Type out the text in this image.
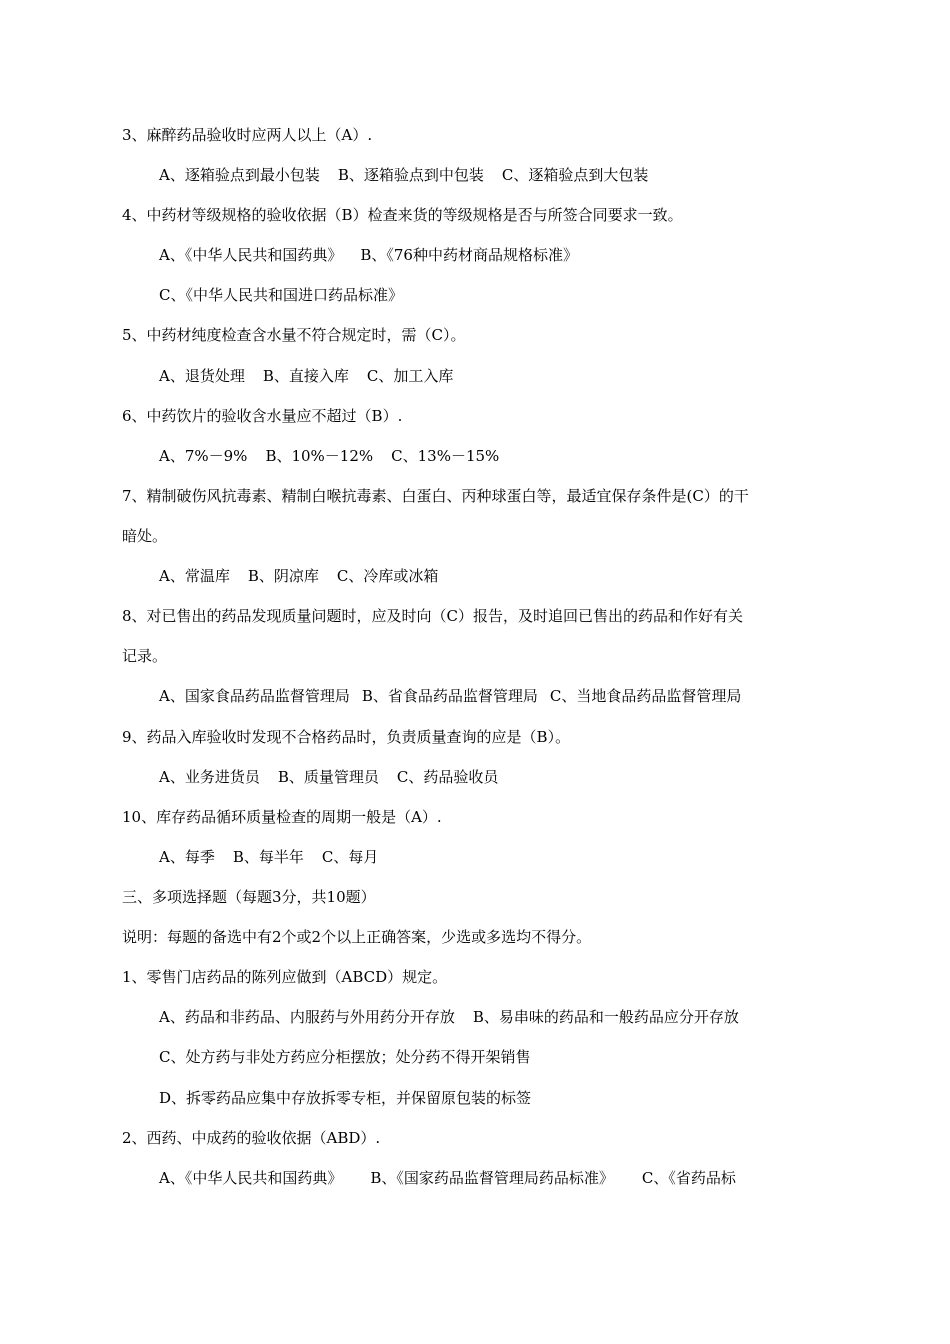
3、麻醉药品验收时应两人以上（A）.
A、逐箱验点到最小包装 B、逐箱验点到中包装 C、逐箱验点到大包装
4、中药材等级规格的验收依据（B）检查来货的等级规格是否与所签合同要求一致。
A、《中华人民共和国药典》 B、《76种中药材商品规格标准》
C、《中华人民共和国进口药品标准》
5、中药材纯度检查含水量不符合规定时，需（C）。
A、退货处理 B、直接入库 C、加工入库
6、中药饮片的验收含水量应不超过（B）.
A、7%－9% B、10%－12% C、13%－15%
7、精制破伤风抗毒素、精制白喉抗毒素、白蛋白、丙种球蛋白等，最适宜保存条件是(C）的干
暗处。
A、常温库 B、阴凉库 C、冷库或冰箱
8、对已售出的药品发现质量问题时，应及时向（C）报告，及时追回已售出的药品和作好有关
记录。
A、国家食品药品监督管理局 B、省食品药品监督管理局 C、当地食品药品监督管理局
9、药品入库验收时发现不合格药品时，负责质量查询的应是（B）。
A、业务进货员 B、质量管理员 C、药品验收员
10、库存药品循环质量检查的周期一般是（A）.
A、每季 B、每半年 C、每月
三、多项选择题（每题3分，共10题）
说明：每题的备选中有2个或2个以上正确答案，少选或多选均不得分。
1、零售门店药品的陈列应做到（ABCD）规定。
A、药品和非药品、内服药与外用药分开存放 B、易串味的药品和一般药品应分开存放
C、处方药与非处方药应分柜摆放；处分药不得开架销售
D、拆零药品应集中存放拆零专柜，并保留原包装的标签
2、西药、中成药的验收依据（ABD）.
A、《中华人民共和国药典》 B、《国家药品监督管理局药品标准》 C、《省药品标
